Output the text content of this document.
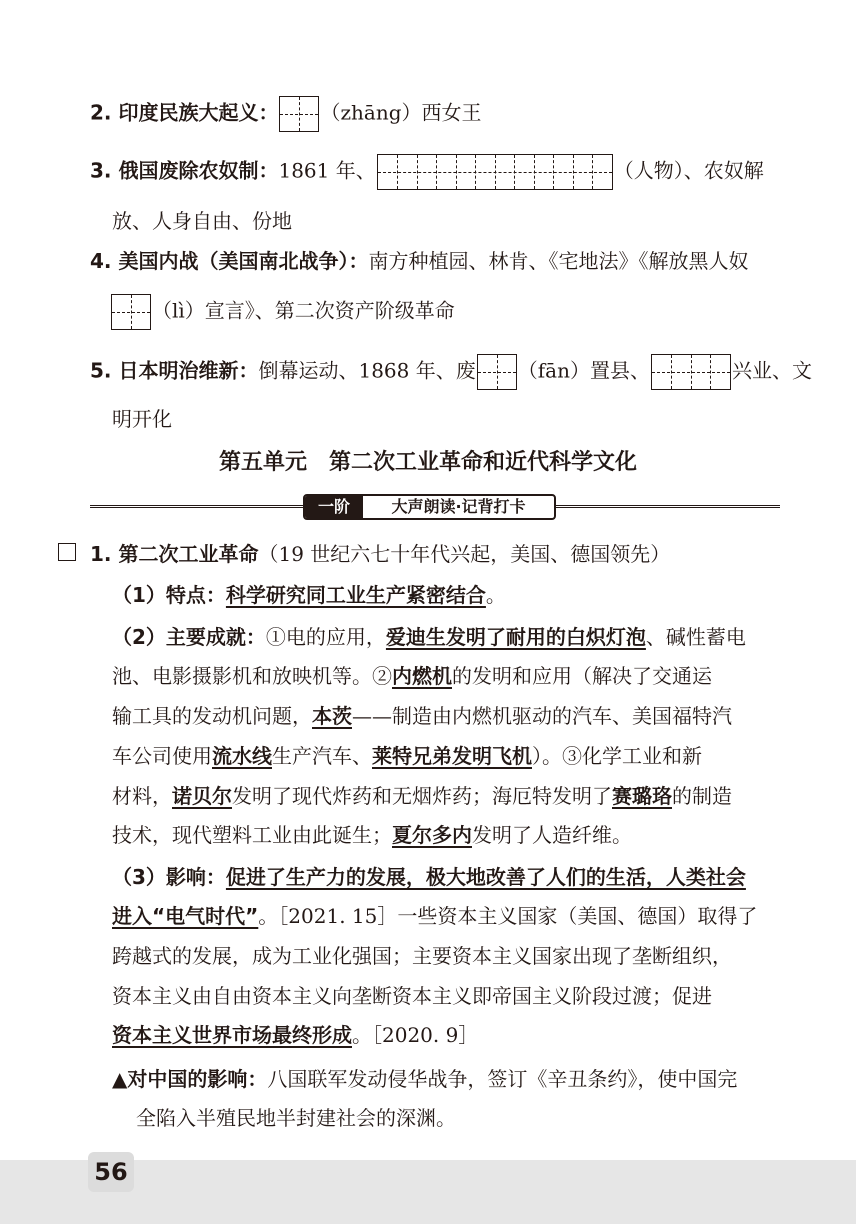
2. 印度民族大起义： （zhāng）西女王
3. 俄国废除农奴制：1861 年、	（人物）、农奴解
放、人身自由、份地
4. 美国内战（美国南北战争）：南方种植园、林肯、《宅地法》《解放黑人奴
（lì）宣言》、第二次资产阶级革命
5. 日本明治维新：倒幕运动、1868 年、废 （fān）置县、	兴业、文
明开化
第五单元　第二次工业革命和近代科学文化
一阶	大声朗读·记背打卡
1. 第二次工业革命（19 世纪六七十年代兴起，美国、德国领先）
（1）特点：科学研究同工业生产紧密结合。
（2）主要成就：①电的应用，爱迪生发明了耐用的白炽灯泡、碱性蓄电
池、电影摄影机和放映机等。②内燃机的发明和应用（解决了交通运
输工具的发动机问题，本茨——制造由内燃机驱动的汽车、美国福特汽
车公司使用流水线生产汽车、莱特兄弟发明飞机）。③化学工业和新
材料，诺贝尔发明了现代炸药和无烟炸药；海厄特发明了赛璐珞的制造
技术，现代塑料工业由此诞生；夏尔多内发明了人造纤维。
（3）影响：促进了生产力的发展，极大地改善了人们的生活，人类社会
进入“电气时代”。［2021. 15］一些资本主义国家（美国、德国）取得了
跨越式的发展，成为工业化强国；主要资本主义国家出现了垄断组织，
资本主义由自由资本主义向垄断资本主义即帝国主义阶段过渡；促进
资本主义世界市场最终形成。［2020. 9］
▲对中国的影响：八国联军发动侵华战争，签订《辛丑条约》，使中国完
全陷入半殖民地半封建社会的深渊。
56
